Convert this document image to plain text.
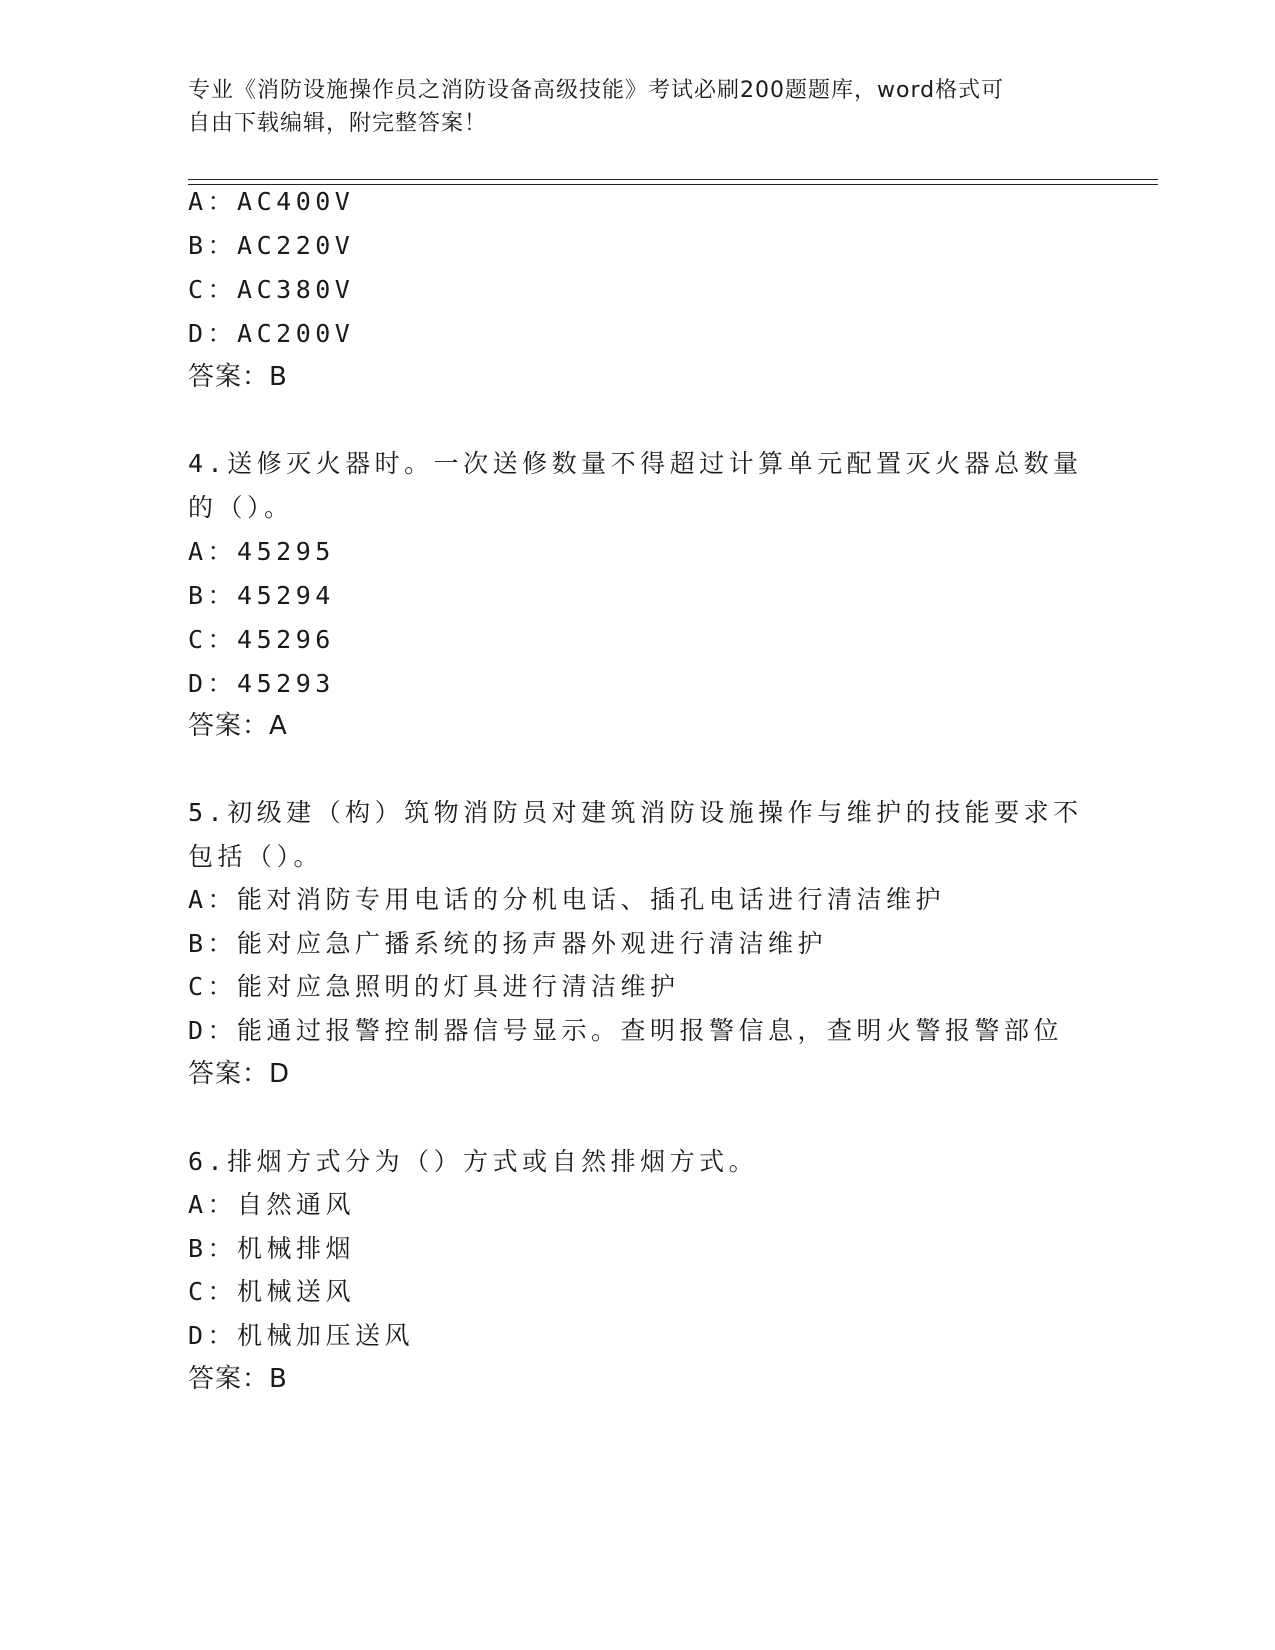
专业《消防设施操作员之消防设备高级技能》考试必刷200题题库，word格式可
自由下载编辑，附完整答案！
A：AC400V
B：AC220V
C：AC380V
D：AC200V
答案：B
4.送修灭火器时。一次送修数量不得超过计算单元配置灭火器总数量
的（）。
A：45295
B：45294
C：45296
D：45293
答案：A
5.初级建（构）筑物消防员对建筑消防设施操作与维护的技能要求不
包括（）。
A：能对消防专用电话的分机电话、插孔电话进行清洁维护
B：能对应急广播系统的扬声器外观进行清洁维护
C：能对应急照明的灯具进行清洁维护
D：能通过报警控制器信号显示。查明报警信息，查明火警报警部位
答案：D
6.排烟方式分为（）方式或自然排烟方式。
A：自然通风
B：机械排烟
C：机械送风
D：机械加压送风
答案：B
